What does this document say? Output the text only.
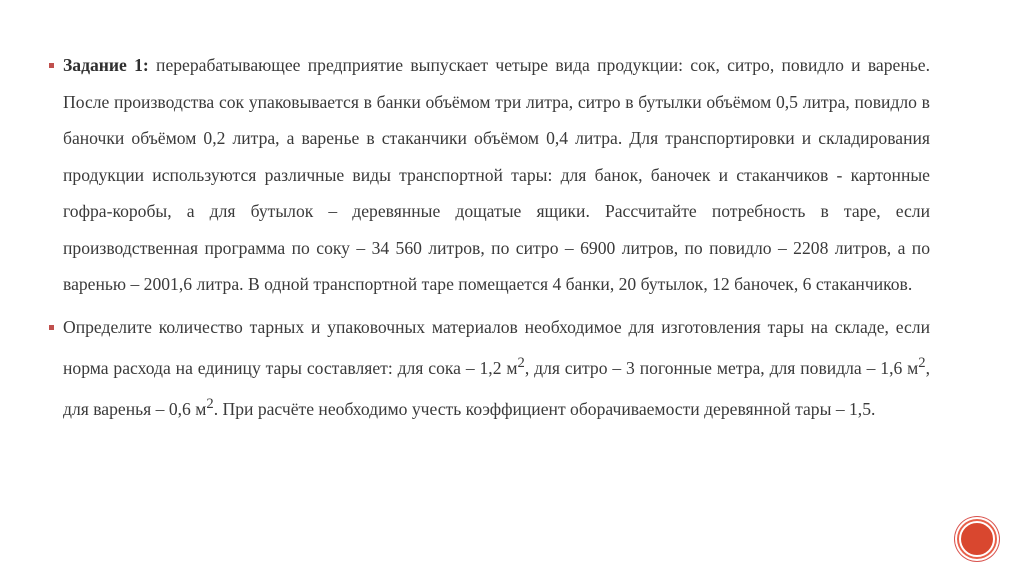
Задание 1: перерабатывающее предприятие выпускает четыре вида продукции: сок, ситро, повидло и варенье. После производства сок упаковывается в банки объёмом три литра, ситро в бутылки объёмом 0,5 литра, повидло в баночки объёмом 0,2 литра, а варенье в стаканчики объёмом 0,4 литра. Для транспортировки и складирования продукции используются различные виды транспортной тары: для банок, баночек и стаканчиков - картонные гофра-коробы, а для бутылок – деревянные дощатые ящики. Рассчитайте потребность в таре, если производственная программа по соку – 34 560 литров, по ситро – 6900 литров, по повидло – 2208 литров, а по варенью – 2001,6 литра. В одной транспортной таре помещается 4 банки, 20 бутылок, 12 баночек, 6 стаканчиков.
Определите количество тарных и упаковочных материалов необходимое для изготовления тары на складе, если норма расхода на единицу тары составляет: для сока – 1,2 $м^2$, для ситро – 3 погонные метра, для повидла – 1,6 $м^2$, для варенья – 0,6 $м^2$. При расчёте необходимо учесть коэффициент оборачиваемости деревянной тары – 1,5.
